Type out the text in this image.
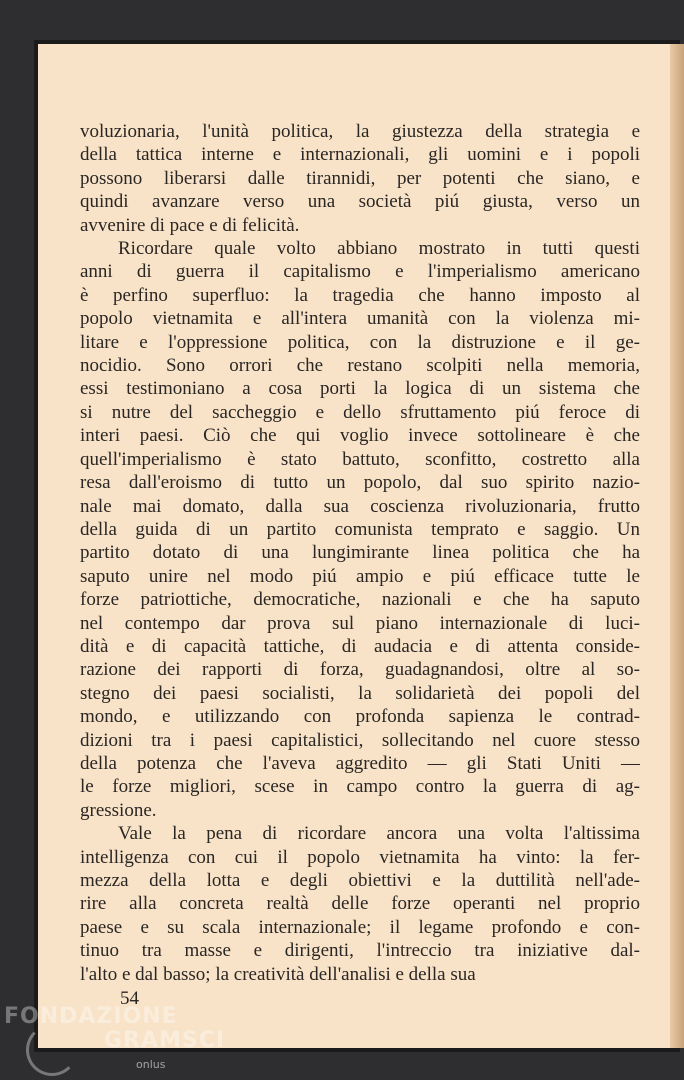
voluzionaria, l'unità politica, la giustezza della strategia e
della tattica interne e internazionali, gli uomini e i popoli
possono liberarsi dalle tirannidi, per potenti che siano, e
quindi avanzare verso una società piú giusta, verso un
avvenire di pace e di felicità.
Ricordare quale volto abbiano mostrato in tutti questi
anni di guerra il capitalismo e l'imperialismo americano
è perfino superfluo: la tragedia che hanno imposto al
popolo vietnamita e all'intera umanità con la violenza mi-
litare e l'oppressione politica, con la distruzione e il ge-
nocidio. Sono orrori che restano scolpiti nella memoria,
essi testimoniano a cosa porti la logica di un sistema che
si nutre del saccheggio e dello sfruttamento piú feroce di
interi paesi. Ciò che qui voglio invece sottolineare è che
quell'imperialismo è stato battuto, sconfitto, costretto alla
resa dall'eroismo di tutto un popolo, dal suo spirito nazio-
nale mai domato, dalla sua coscienza rivoluzionaria, frutto
della guida di un partito comunista temprato e saggio. Un
partito dotato di una lungimirante linea politica che ha
saputo unire nel modo piú ampio e piú efficace tutte le
forze patriottiche, democratiche, nazionali e che ha saputo
nel contempo dar prova sul piano internazionale di luci-
dità e di capacità tattiche, di audacia e di attenta conside-
razione dei rapporti di forza, guadagnandosi, oltre al so-
stegno dei paesi socialisti, la solidarietà dei popoli del
mondo, e utilizzando con profonda sapienza le contrad-
dizioni tra i paesi capitalistici, sollecitando nel cuore stesso
della potenza che l'aveva aggredito — gli Stati Uniti —
le forze migliori, scese in campo contro la guerra di ag-
gressione.
Vale la pena di ricordare ancora una volta l'altissima
intelligenza con cui il popolo vietnamita ha vinto: la fer-
mezza della lotta e degli obiettivi e la duttilità nell'ade-
rire alla concreta realtà delle forze operanti nel proprio
paese e su scala internazionale; il legame profondo e con-
tinuo tra masse e dirigenti, l'intreccio tra iniziative dal-
l'alto e dal basso; la creatività dell'analisi e della sua
54
FONDAZIONE
GRAMSCI
onlus
